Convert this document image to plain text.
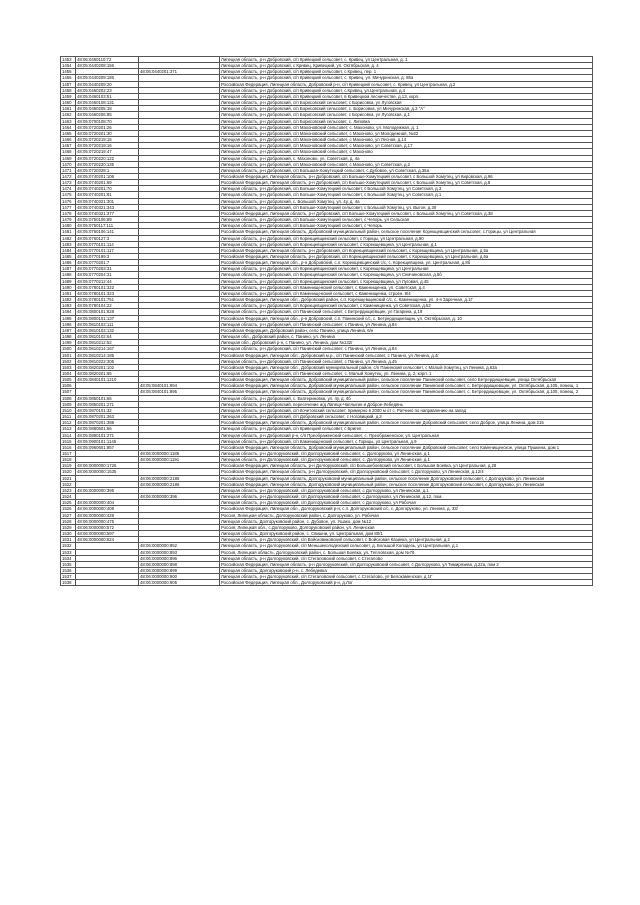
1453	48:06:0460110:72		Липецкая область, р-н Добровский, с/п Кривецкий сельсовет, с. Кривец, ул Центральная, д. 1
1454	48:05:0440208:156		Липецкая область, р-н Добровский, с Кривец, Кривецкий, ул. Октябрьская, д. 4
1455		48:05:0440201:371	Липецкая область, р-н Добровский, с/п Кривецкий сельсовет, с Кривец, пер. 1
1456	48:05:0440209:186		Липецкая область, р-н Добровский, с/п Кривецкий сельсовет, с. Кривец, ул. Мичуринская, д. 86а
1457	48:05:0440209:20		Российская Федерация, Липецкая область, Добровский р-н, с/п Кривецкий сельсовет, с. Кривец, ул Центральная, д.2
1458	48:05:0460202:23		Липецкая область, р-н Добровский, с/п Кривецкий сельсовет, с.Кривец, ул.Центральная, д.4
1459	48:05:0460103:51		Липецкая область, р-н Добровский, с/п Кривецкий сельсовет, в Кривецком лесничестве, д.13, корп.
1460	48:05:0460108:131		Липецкая область, р-н Добровский, с/п Борисовский сельсовет, с Борисовка, ул Луговская
1461	48:05:0460205:18		Липецкая область, р-н Добровский, с/п Борисовский сельсовет, с. Борисовка, ул Мичуринская, д.3 "А"
1462	48:05:0460206:85		Липецкая область, р-н Добровский, с/п Борисовский сельсовет, с Борисовка, ул Луговская, д.1
1463	48:05:0700108:70		Липецкая область, р-н Добровский, с/п Борисовский сельсовет, с. Липовка
1464	48:05:0720201:26		Липецкая область, р-н Добровский, с/п Махоновский сельсовет, с. Махоново, ул. Молодежная, д. 1
1465	48:05:0720201:30		Липецкая область, р-н Добровский, с/п Махоновский сельсовет, с Махоново, ул Молодежная, №22
1466	48:05:0720219:15		Липецкая область, р-н Добровский, с/п Махоновский сельсовет, с Махоново, ул Лесная, д.14
1467	48:05:0720219:16		Липецкая область, р-н Добровский, с/п Махоновский сельсовет, с Махоново, ул Советская, д.17
1468	48:05:0720219:47		Липецкая область, р-н Добровский, с/п Махоновский сельсовет, с Махоново
1469	48:05:0720220:122		Липецкая область, р-н Добровский, с. Махоново, ул. Советская, д. 4а
1470	48:05:0720220:135		Липецкая область, р-н Добровский, с/п Махоновский сельсовет, с Махоново, ул Советская, д.2
1471	48:05:0720328:1		Липецкая область, р-н Добровский, с/п Большая-Хомутецкий сельсовет, с Дубовое, ул Советская, д.35а
1472	48:05:0740201:106		Российская Федерация, Липецкая область, р-н Добровский, с/п Больше-Хомутецкий сельсовет, с Большой Хомутец, ул Кировская, д.96
1473	48:05:0740201:69		Российская Федерация, Липецкая область, р-н Добровский, с/п Больше-Хомутецкий сельсовет, с Большой Хомутец, ул Советская, д.8
1474	48:05:0740201:70		Липецкая область, р-н Добровский, с/п Больше-Хомутецкий сельсовет, с Большой Хомутец, ул Советская, д.3
1475	48:05:0740201:81		Липецкая область, р-н Добровский, с/п Больше-Хомутецкий сельсовет, с Большой Хомутец, ул Советская, д.1
1476	48:05:0740321:301		Липецкая область, р-н Добровский, с. Большой Хомутец, ул. 4у, д. 4а
1477	48:05:0740321:343		Липецкая область, р-н Добровский, с/п Больше-Хомутецкий сельсовет, с Большой Хомутец, ул. Выгон, д.30
1478	48:05:0740321:377		Российская Федерация, Липецкая область, р-н Добровский, с/п Больше-Хомутецкий сельсовет, с Большой Хомутец, ул Советская, д.38
1479	48:05:0750106:89		Липецкая область, р-н Добровский, с/п Больше-Хомутецкий сельсовет, с Чепорь, ул Сельская
1480	48:05:0750117:111		Липецкая область, р-н Добровский, с/п Больше-Хомутецкий сельсовет, с Чепорь
1481	48:05:0760106:141		Российская Федерация, Липецкая область, Добровский муниципальный район, сельское поселение Корекщевщинский сельсовет, с.Горицы, ул Центральная
1482	48:05:0760127:3		Липецкая область, р-н Добровский, с/п Корекщевщинский сельсовет, с Горицы, ул Центральная, д.90
1483	48:05:0770101:114		Липецкая область, р-н Добровский, с/п Корекщевщинский сельсовет, с Корекщевщина, ул Центральная, д.1
1484	48:05:0770101:117		Российская Федерация, Липецкая область, р-н Добровский, с/п Корекщевщинский сельсовет, с Корекщевщина, ул Центральная, д.5а
1485	48:05:0770199:3		Российская Федерация, Липецкая область, р-н Добровский, с/п Корекщевщинский сельсовет, с Корекщевщина, ул Центральная, д.6а
1486	48:05:0770201:7		Российская Федерация, Липецкая обл., р-н Добровский, с.п. Корекщевщинский с/с, с. Корекщевщина, ул. Центральная, д.8б
1487	48:05:0770203:31		Липецкая область, р-н Добровский, с/п Корекщевщинский сельсовет, с Корекщевщина, ул Центральная
1488	48:05:0770204:31		Липецкая область, р-н Добровский, с/п Корекщевщинский сельсовет, с Корекщевщина, ул Семчиновская, д.5б
1489	48:05:0770212:44		Липецкая область, р-н Добровский, с/п Корекщевщинский сельсовет, с Корекщевщина, ул Луговая, д.45
1490	48:05:0780101:322		Липецкая область, р-н Добровский, с/п Каменищенский сельсовет, с Каменищенка, ул. Советская, д.4
1491	48:05:0780101:323		Липецкая область, р-н Добровский, с/п Каменищенский сельсовет, с Каменищенка, строен. 8/4
1492	48:05:0780101:751		Российская Федерация, Липецкая обл., Добровский район, с.п. Корекщевщинский с/с, с. Каменищенка, ул. 4-я Заречная, д.1Г
1493	48:05:0780104:22		Липецкая область, р-н Добровский, с/п Корекщевщинский сельсовет, с Каменищенка, ул Советская, д.62
1494	48:05:0800101:828		Липецкая область, р-н Добровский, с/п Панинский сельсовет, с Бетрердищкевщин, ул Гагарина, д.19
1495	48:05:0800101:137		Российская Федерация, Липецкая обл., р-н Добровский, с.п. Панинский с/с, с. Бетрердищкевщин, ул. Октябрьская, д. 10
1496	48:05:0810102:111		Липецкая область, р-н Добровский, с/п Панинский сельсовет, с Панино, ул Ленина, д.84
1497	48:05:0810102:132		Российская Федерация, Добровский район, село Панино, улица Ленина, 6/н
1498	48:05:0810102:64		Липецкая обл., Добровский район, с. Панино, ул. Ленина
1499	48:05:0810212:52		Липецкая обл., Добровский р-н, с Панино, ул. Ленина, дом №132г
1500	48:05:0810214:167		Липецкая область, р-н Добровский, с/п Панинский сельсовет, с Панино, ул Ленина, д.84
1501	48:05:0810214:185		Российская Федерация, Липецкая обл., Добровский м.р., с/п Панинский сельсовет, с Панино, ул Ленина, д.4г
1502	48:05:0810222:305		Липецкая область, р-н Добровский, с/п Панинский сельсовет, с Панино, ул Ленина, д.45
1503	48:05:0820201:102		Российская Федерация, Липецкая обл., Добровский муниципальный район, с/п Панинский сельсовет, с Малый Хомутец, ул Ленина, д.63а
1504	48:05:0820201:65		Липецкая область, р-н Добровский, с/п Панинский сельсовет, с. Малый Хомутец, ул. Ленина, д. 2, корп. 1
1505	48:05:0840101:1210		Российская Федерация, Липецкая область, Добровский муниципальный район, сельское поселение Панинский сельсовет, село Бетрердищкевщин, улица Октябрьская
1506		48:05:0840101:894	Российская Федерация, Липецкая область, Добровский муниципальный район, сельское поселение Панинский сельсовет, с. Бетрердищкевщин, ул. Октябрьская, д.105, помещ. 1
1507		48:05:0840101:895	Российская Федерация, Липецкая область, Добровский муниципальный район, сельское поселение Панинский сельсовет, с. Бетрердищкевщин, ул. Октябрьская, д.105, помещ. 2
1508	48:05:0850101:65		Липецкая область, р-н Добровский, с. Екатериновка, ул. 4у, д. 4б
1509	48:05:0850201:271		Липецкая область, р-н Добровский, пересечение а/д Липецк-Чаплыгин и Доброе-Лебедянь
1510	48:05:0870101:32		Липецкая область, р-н Добровский, с/п Кочетовский сельсовет, примерно в 2000 м от с. Ратчино по направлению на запад
1511	48:05:0870201:363		Липецкая область, р-н Добровский, с/п Добровский сельсовет, с Ноговицкий, д.2
1512	48:05:0870201:388		Российская Федерация, Липецкая область, Добровский муниципальный район, сельское поселение Добровский сельсовет, село Доброе, улица Ленина, дом 215
1513	48:05:0880501:66		Липецкая область, р-н Добровский, с/п Кривецкий сельсовет, с Бригеп
1514	48:05:0890101:271		Липецкая область, р-н Добровский р-н, с/п Преображенский сельсовет, с. Преображенское, ул. Центральная
1515	48:05:0900101:1145		Липецкая область, р-н Добровский, с/п Каменищенский сельсовет, с Горицы, ул Центральная, д.9
1516	48:05:0960601:857		Российская Федерация, Липецкая область, Добровский муниципальный район, сельское поселение Добровский сельсовет, село Каменищенское, улица Пушкина, дом 1
1517		48:06:0000000:1185	Липецкая область, р-н Долгоруковский, с/п Долгоруковский сельсовет, с. Долгоруково, ул Ленинская, д.1
1518		48:06:0000000:1191	Липецкая область, р-н Долгоруковский, с/п Долгоруковский сельсовет, с. Долгоруково, ул Ленинская, д.1
1519	48:06:0000000:1726		Российская Федерация, Липецкая область, р-н Долгоруковский, с/п Большебоевский сельсовет, с Большая Боевка, ул Центральная, д.28
1520	48:06:0000000:1535		Российская Федерация, Липецкая область, р-н Долгоруковский, с/п Долгоруковский сельсовет, с Долгоруково, ул Ленинская, д.12/4
1521		48:06:0000000:2185	Российская Федерация, Липецкая область, Долгоруковский муниципальный район, сельское поселение Долгоруковский сельсовет, с Долгоруково, ул. Ленинская
1522		48:06:0000000:2186	Российская Федерация, Липецкая область, Долгоруковский муниципальный район, сельское поселение Долгоруковский сельсовет, с Долгоруково, ул. Ленинская
1523	48:06:0000000:395		Липецкая область, р-н Долгоруковский, с/п Долгоруковский сельсовет, с Долгоруково, ул Ленинская, д.1
1524		48:06:0000000:396	Липецкая область, р-н Долгоруковский, с/п Долгоруковский сельсовет, с Долгоруково, ул Ленинская, д.12, пом.
1525	48:06:0000000:404		Липецкая область, р-н Долгоруковский, с/п Долгоруковский сельсовет, с Долгоруково, ул Рабочая
1526	48:06:0000000:408		Российская Федерация, Липецкая обл., Долгоруковский р-н, с.п. Долгоруковский с/с, с. Долгоруково, ул. Ленина, д. 33/
1527	48:06:0000000:428		Россия, Липецкая область, Долгоруковский район, с. Долгоруково, ул. Рабочая
1528	48:06:0000000:475		Липецкая область, Долгоруковский район, с. Дубовое, ул. Ушако, дом №12
1529	48:06:0000000:572		Россия, Липецкая обл., с.Долгоруково, Долгоруковский район, ул. Ленинская
1530	48:06:0000000:597		Липецкая область, Долгоруковский район, с. Свишни, ул. Центральная, дом 80/1
1531	48:06:0000000:624		Липецкая область, р-н Долгоруковский, с/п Войсковиковский сельсовет, с Войсковая Казинка, ул Центральная, д.2
1532		48:06:0000000:852	Липецкая область, р-н Долгоруковский, с/п Меньшеколодезский сельсовет, д. Большой Колодезь, ул Центральная, д.1
1533		48:06:0000000:893	Россия, Липецкая область, Долгоруковский район, с. Большая Боевка, ул. Тепловская, дом №76
1534		48:06:0000000:896	Липецкая область, р-н Долгоруковский, с/п Стегаловский сельсовет, с Стегалово
1535		48:06:0000000:898	Российская Федерация, Липецкая область, р-н Долгоруковский, с/п Долгоруковский сельсовет, с Долгоруково, ул Тимирязева, д.22а, пом 2
1536		48:06:0000000:899	Липецкая область, Долгоруковский р-н, с. Лебедевка
1537		48:06:0000000:900	Липецкая область, р-н Долгоруковский, с/п Стегаловский сельсовет, с Стегалово, ул Белокаменская, д.1Г
1538		48:06:0000000:905	Российская Федерация, Липецкая обл., Долгоруковский р-н, д.Лог
